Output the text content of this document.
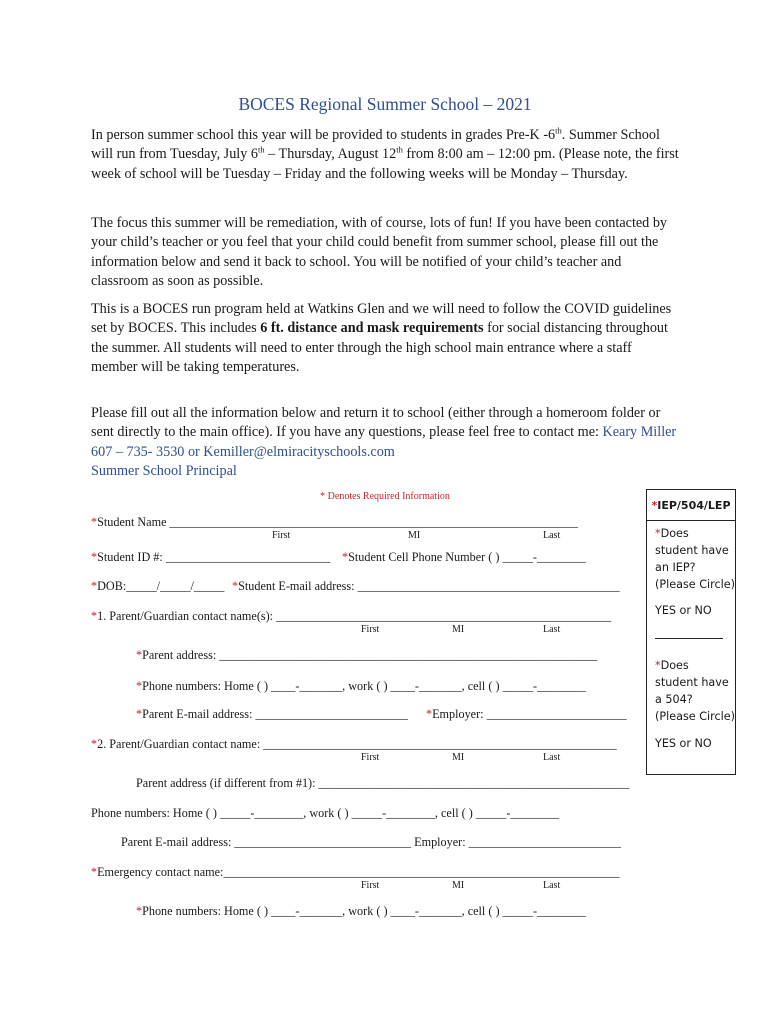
BOCES Regional Summer School – 2021

In person summer school this year will be provided to students in grades Pre-K -6th. Summer School will run from Tuesday, July 6th – Thursday, August 12th from 8:00 am – 12:00 pm. (Please note, the first week of school will be Tuesday – Friday and the following weeks will be Monday – Thursday.

The focus this summer will be remediation, with of course, lots of fun! If you have been contacted by your child’s teacher or you feel that your child could benefit from summer school, please fill out the information below and send it back to school. You will be notified of your child’s teacher and classroom as soon as possible.

This is a BOCES run program held at Watkins Glen and we will need to follow the COVID guidelines set by BOCES. This includes 6 ft. distance and mask requirements for social distancing throughout the summer. All students will need to enter through the high school main entrance where a staff member will be taking temperatures.

Please fill out all the information below and return it to school (either through a homeroom folder or sent directly to the main office). If you have any questions, please feel free to contact me: Keary Miller 607 – 735- 3530 or Kemiller@elmiracityschools.com
Summer School Principal

* Denotes Required Information
*Student Name ___________________________________________________________________
First	MI	Last
*Student ID #: ___________________________ *Student Cell Phone Number ( ) _____-________
*DOB:_____/_____/_____ *Student E-mail address: ___________________________________________
*1. Parent/Guardian contact name(s): _______________________________________________________
First	MI	Last
*Parent address: ______________________________________________________________
*Phone numbers: Home ( ) ____-_______, work ( ) ____-_______, cell ( ) _____-________
*Parent E-mail address: _________________________ *Employer: _______________________
*2. Parent/Guardian contact name: __________________________________________________________
First	MI	Last
Parent address (if different from #1): ___________________________________________________
Phone numbers: Home ( ) _____-________, work ( ) _____-________, cell ( ) _____-________
Parent E-mail address: _____________________________ Employer: _________________________
*Emergency contact name:_________________________________________________________________
First	MI	Last
*Phone numbers: Home ( ) ____-_______, work ( ) ____-_______, cell ( ) _____-________
* IEP/504/LEP
*Does student have an IEP? (Please Circle)
YES or NO
*Does student have a 504? (Please Circle)
YES or NO
